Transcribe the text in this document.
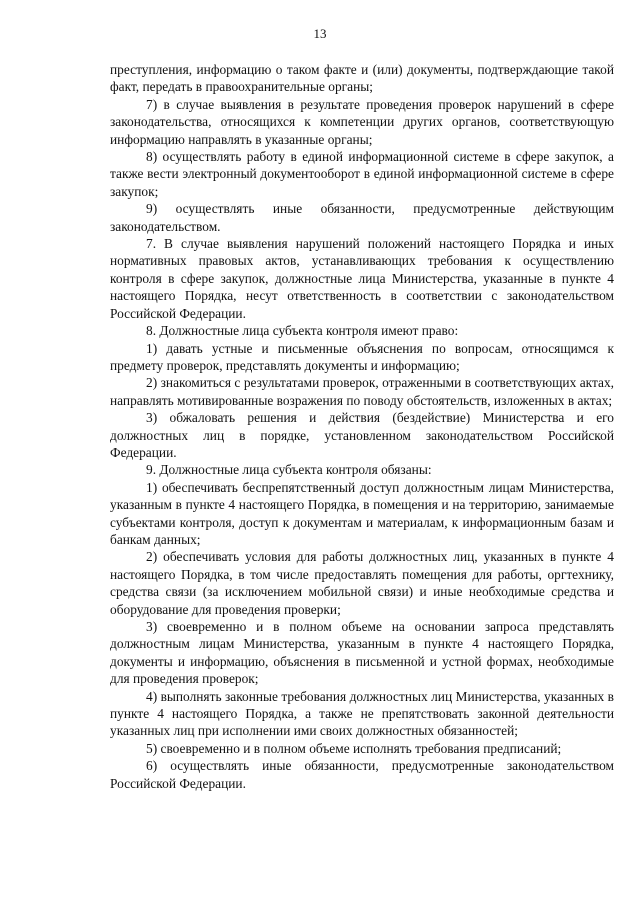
13

преступления, информацию о таком факте и (или) документы, подтверждающие такой факт, передать в правоохранительные органы;

7) в случае выявления в результате проведения проверок нарушений в сфере законодательства, относящихся к компетенции других органов, соответствующую информацию направлять в указанные органы;

8) осуществлять работу в единой информационной системе в сфере закупок, а также вести электронный документооборот в единой информационной системе в сфере закупок;

9) осуществлять иные обязанности, предусмотренные действующим законодательством.

7. В случае выявления нарушений положений настоящего Порядка и иных нормативных правовых актов, устанавливающих требования к осуществлению контроля в сфере закупок, должностные лица Министерства, указанные в пункте 4 настоящего Порядка, несут ответственность в соответствии с законодательством Российской Федерации.

8. Должностные лица субъекта контроля имеют право:

1) давать устные и письменные объяснения по вопросам, относящимся к предмету проверок, представлять документы и информацию;

2) знакомиться с результатами проверок, отраженными в соответствующих актах, направлять мотивированные возражения по поводу обстоятельств, изложенных в актах;

3) обжаловать решения и действия (бездействие) Министерства и его должностных лиц в порядке, установленном законодательством Российской Федерации.

9. Должностные лица субъекта контроля обязаны:

1) обеспечивать беспрепятственный доступ должностным лицам Министерства, указанным в пункте 4 настоящего Порядка, в помещения и на территорию, занимаемые субъектами контроля, доступ к документам и материалам, к информационным базам и банкам данных;

2) обеспечивать условия для работы должностных лиц, указанных в пункте 4 настоящего Порядка, в том числе предоставлять помещения для работы, оргтехнику, средства связи (за исключением мобильной связи) и иные необходимые средства и оборудование для проведения проверки;

3) своевременно и в полном объеме на основании запроса представлять должностным лицам Министерства, указанным в пункте 4 настоящего Порядка, документы и информацию, объяснения в письменной и устной формах, необходимые для проведения проверок;

4) выполнять законные требования должностных лиц Министерства, указанных в пункте 4 настоящего Порядка, а также не препятствовать законной деятельности указанных лиц при исполнении ими своих должностных обязанностей;

5) своевременно и в полном объеме исполнять требования предписаний;

6) осуществлять иные обязанности, предусмотренные законодательством Российской Федерации.
